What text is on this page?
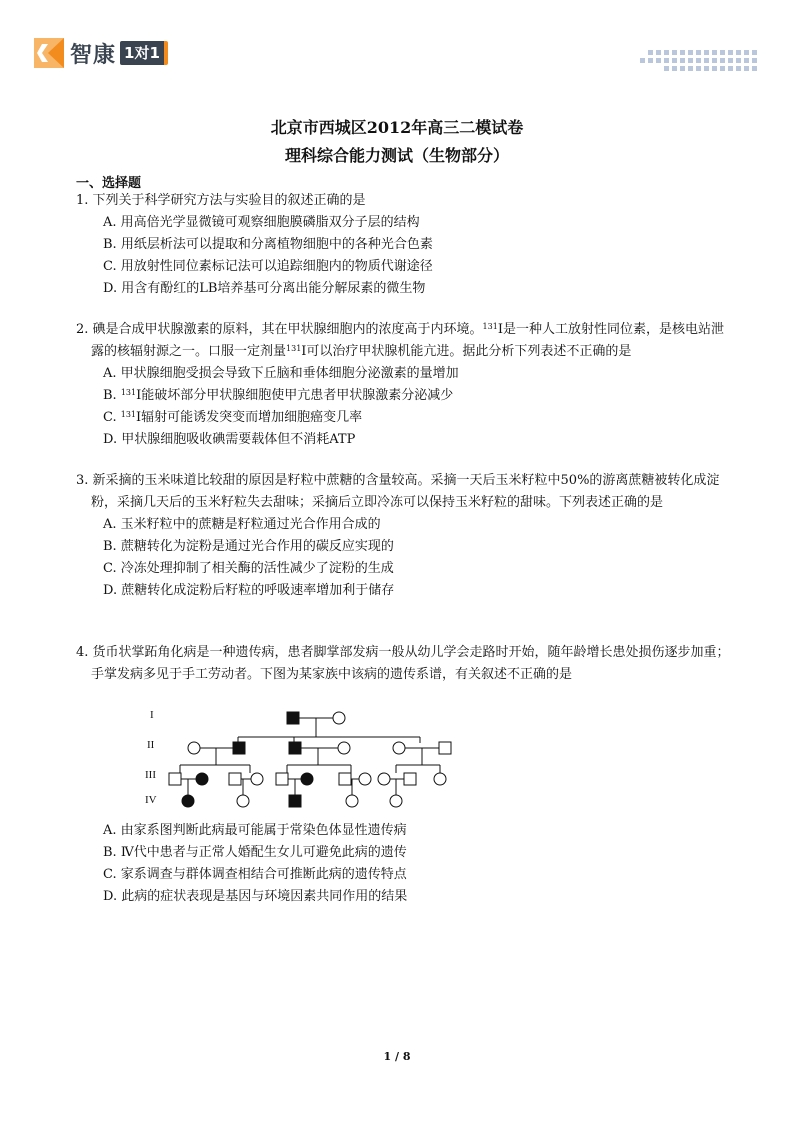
智康 1对1
北京市西城区2012年高三二模试卷
理科综合能力测试（生物部分）
一、选择题
1. 下列关于科学研究方法与实验目的叙述正确的是
A. 用高倍光学显微镜可观察细胞膜磷脂双分子层的结构
B. 用纸层析法可以提取和分离植物细胞中的各种光合色素
C. 用放射性同位素标记法可以追踪细胞内的物质代谢途径
D. 用含有酚红的LB培养基可分离出能分解尿素的微生物
2. 碘是合成甲状腺激素的原料，其在甲状腺细胞内的浓度高于内环境。$^{131}$I是一种人工放射性同位素，是核电站泄露的核辐射源之一。口服一定剂量$^{131}$I可以治疗甲状腺机能亢进。据此分析下列表述不正确的是
A. 甲状腺细胞受损会导致下丘脑和垂体细胞分泌激素的量增加
B. $^{131}$I能破坏部分甲状腺细胞使甲亢患者甲状腺激素分泌减少
C. $^{131}$I辐射可能诱发突变而增加细胞癌变几率
D. 甲状腺细胞吸收碘需要载体但不消耗ATP
3. 新采摘的玉米味道比较甜的原因是籽粒中蔗糖的含量较高。采摘一天后玉米籽粒中50%的游离蔗糖被转化成淀粉，采摘几天后的玉米籽粒失去甜味；采摘后立即冷冻可以保持玉米籽粒的甜味。下列表述正确的是
A. 玉米籽粒中的蔗糖是籽粒通过光合作用合成的
B. 蔗糖转化为淀粉是通过光合作用的碳反应实现的
C. 冷冻处理抑制了相关酶的活性减少了淀粉的生成
D. 蔗糖转化成淀粉后籽粒的呼吸速率增加利于储存
4. 货币状掌跖角化病是一种遗传病，患者脚掌部发病一般从幼儿学会走路时开始，随年龄增长患处损伤逐步加重；手掌发病多见于手工劳动者。下图为某家族中该病的遗传系谱，有关叙述不正确的是
I
II
III
IV
A. 由家系图判断此病最可能属于常染色体显性遗传病
B. Ⅳ代中患者与正常人婚配生女儿可避免此病的遗传
C. 家系调查与群体调查相结合可推断此病的遗传特点
D. 此病的症状表现是基因与环境因素共同作用的结果
1 / 8
